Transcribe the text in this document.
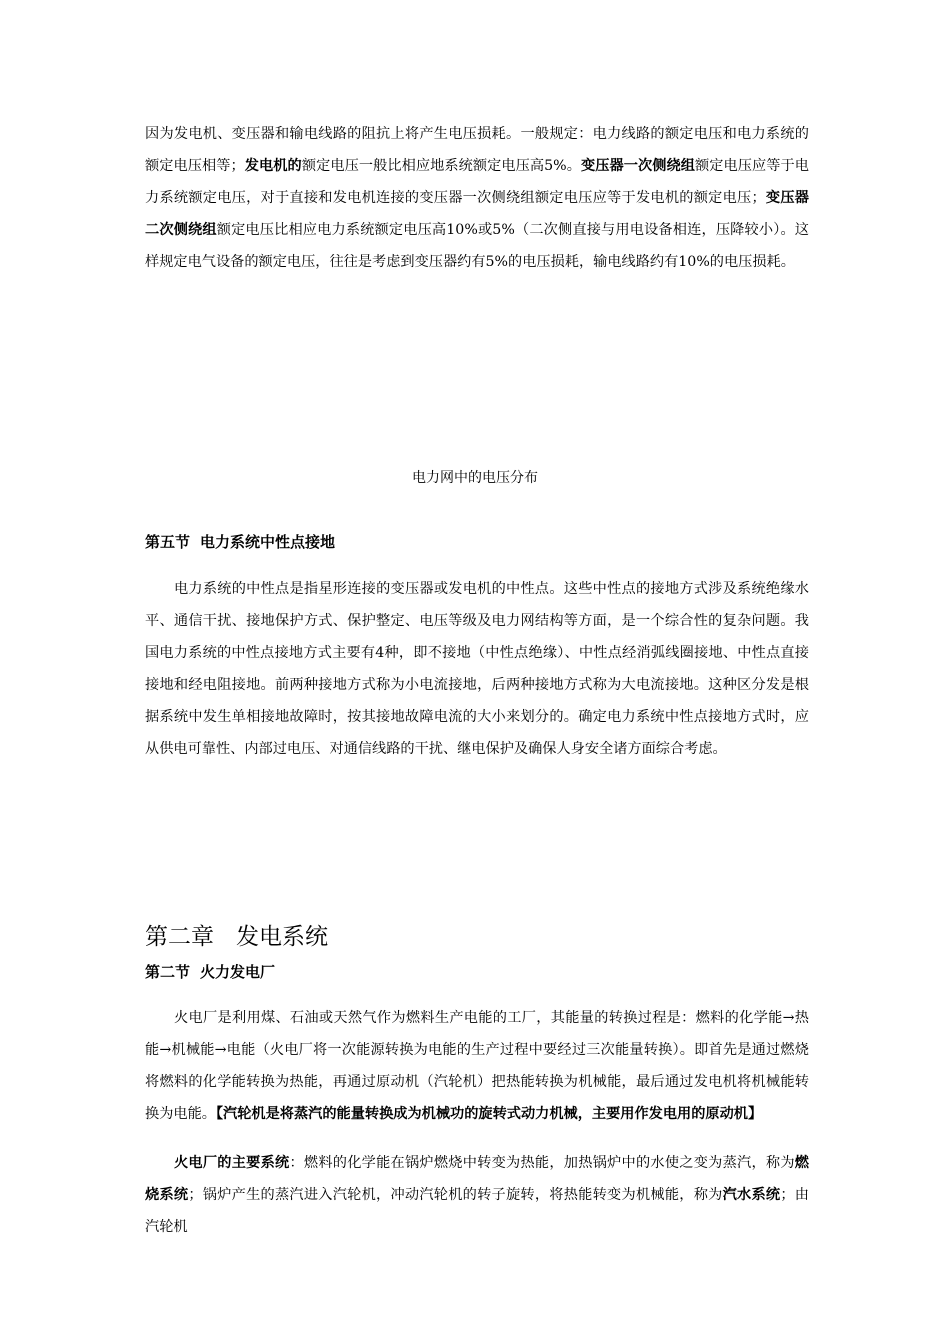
因为发电机、变压器和输电线路的阻抗上将产生电压损耗。一般规定：电力线路的额定电压和电力系统的额定电压相等；发电机的额定电压一般比相应地系统额定电压高5%。变压器一次侧绕组额定电压应等于电力系统额定电压，对于直接和发电机连接的变压器一次侧绕组额定电压应等于发电机的额定电压；变压器二次侧绕组额定电压比相应电力系统额定电压高10%或5%（二次侧直接与用电设备相连，压降较小）。这样规定电气设备的额定电压，往往是考虑到变压器约有5%的电压损耗，输电线路约有10%的电压损耗。

电力网中的电压分布
第五节 电力系统中性点接地

电力系统的中性点是指星形连接的变压器或发电机的中性点。这些中性点的接地方式涉及系统绝缘水平、通信干扰、接地保护方式、保护整定、电压等级及电力网结构等方面，是一个综合性的复杂问题。我国电力系统的中性点接地方式主要有4种，即不接地（中性点绝缘）、中性点经消弧线圈接地、中性点直接接地和经电阻接地。前两种接地方式称为小电流接地，后两种接地方式称为大电流接地。这种区分发是根据系统中发生单相接地故障时，按其接地故障电流的大小来划分的。确定电力系统中性点接地方式时，应从供电可靠性、内部过电压、对通信线路的干扰、继电保护及确保人身安全诸方面综合考虑。

第二章 发电系统
第二节 火力发电厂

火电厂是利用煤、石油或天然气作为燃料生产电能的工厂，其能量的转换过程是：燃料的化学能→热能→机械能→电能（火电厂将一次能源转换为电能的生产过程中要经过三次能量转换）。即首先是通过燃烧将燃料的化学能转换为热能，再通过原动机（汽轮机）把热能转换为机械能，最后通过发电机将机械能转换为电能。【汽轮机是将蒸汽的能量转换成为机械功的旋转式动力机械，主要用作发电用的原动机】

火电厂的主要系统：燃料的化学能在锅炉燃烧中转变为热能，加热锅炉中的水使之变为蒸汽，称为燃烧系统；锅炉产生的蒸汽进入汽轮机，冲动汽轮机的转子旋转，将热能转变为机械能，称为汽水系统；由汽轮机
